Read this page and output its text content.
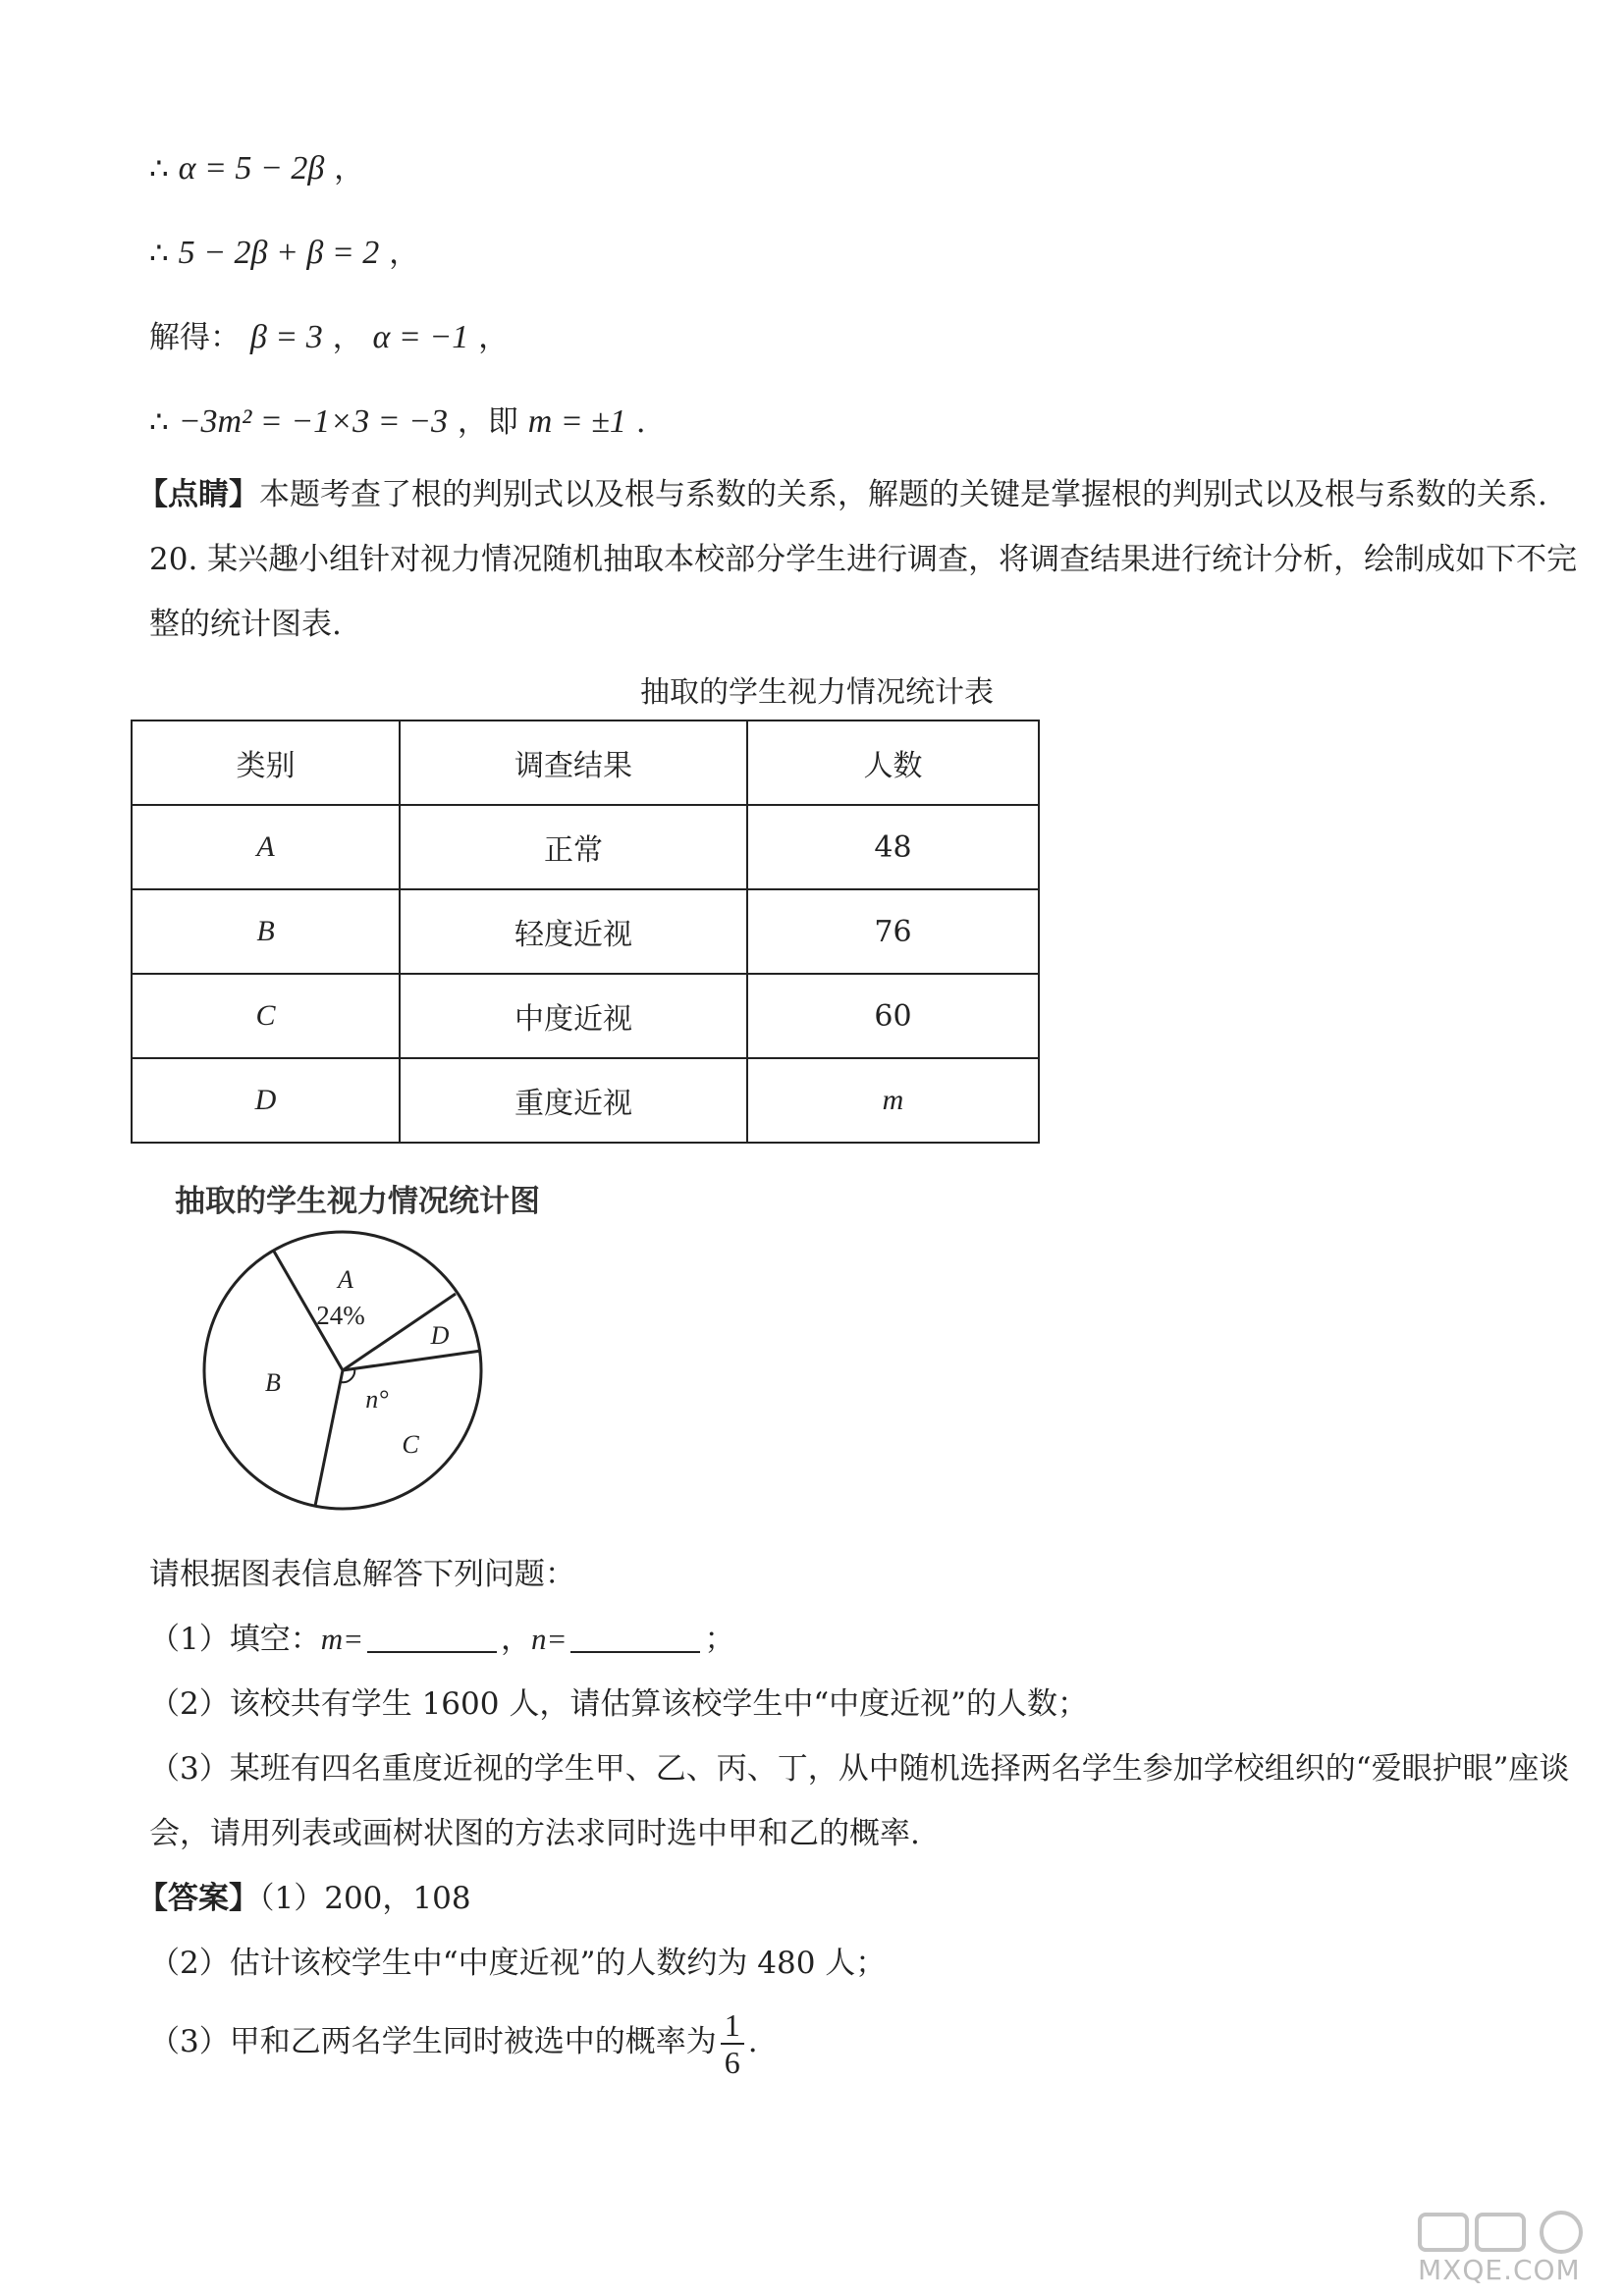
∴ α = 5 − 2β ，
∴ 5 − 2β + β = 2 ，
解得： β = 3 ， α = −1 ，
∴ −3m² = −1×3 = −3 ，即 m = ±1 .
【点睛】本题考查了根的判别式以及根与系数的关系，解题的关键是掌握根的判别式以及根与系数的关系.
20. 某兴趣小组针对视力情况随机抽取本校部分学生进行调查，将调查结果进行统计分析，绘制成如下不完
整的统计图表.
抽取的学生视力情况统计表
类别	调查结果	人数
A	正常	48
B	轻度近视	76
C	中度近视	60
D	重度近视	m
抽取的学生视力情况统计图
A
24%
D
n°
C
B
请根据图表信息解答下列问题：
（1）填空：m=	，n=	；
（2）该校共有学生 1600 人，请估算该校学生中“中度近视”的人数；
（3）某班有四名重度近视的学生甲、乙、丙、丁，从中随机选择两名学生参加学校组织的“爱眼护眼”座谈
会，请用列表或画树状图的方法求同时选中甲和乙的概率.
【答案】（1）200，108
（2）估计该校学生中“中度近视”的人数约为 480 人；
（3）甲和乙两名学生同时被选中的概率为 $\frac{1}{6}$ .
MXQE.COM
